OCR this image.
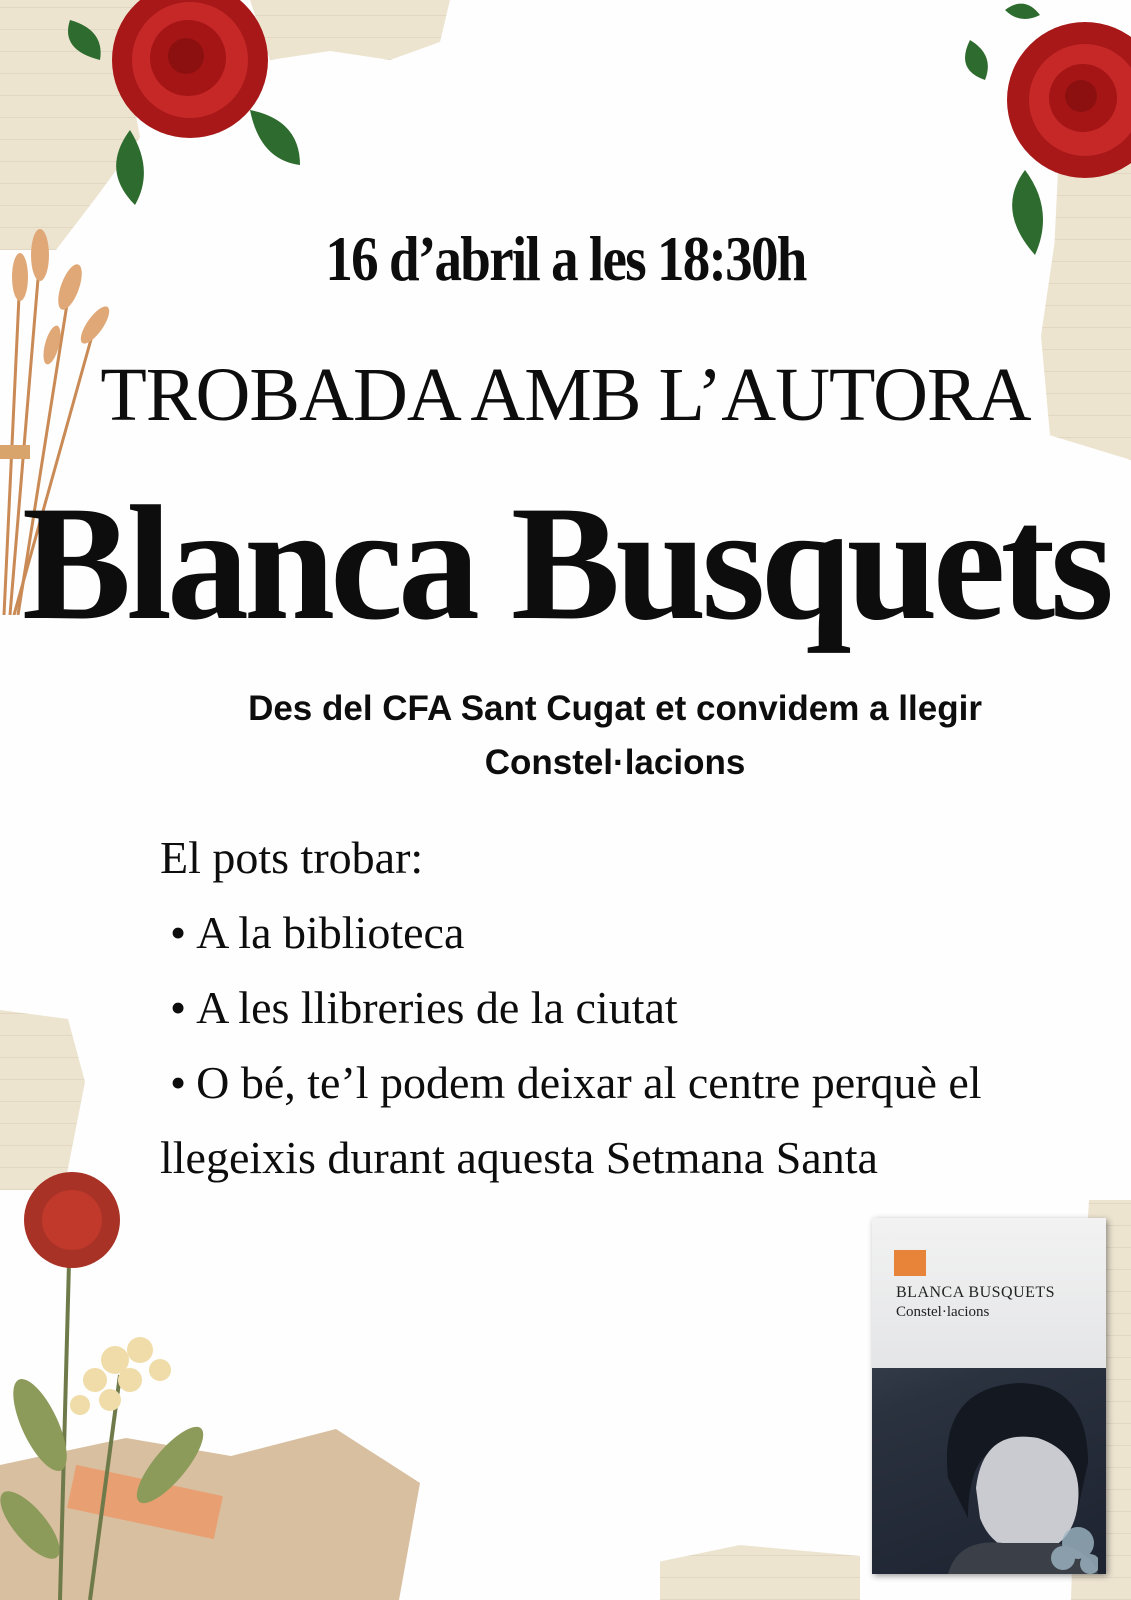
16 d’abril a les 18:30h
TROBADA AMB L’AUTORA
Blanca Busquets
Des del CFA Sant Cugat et convidem a llegir
Constel·lacions
El pots trobar:
• A la biblioteca
• A les llibreries de la ciutat
• O bé, te’l podem deixar al centre perquè el
llegeixis durant aquesta Setmana Santa
BLANCA BUSQUETS
Constel·lacions
